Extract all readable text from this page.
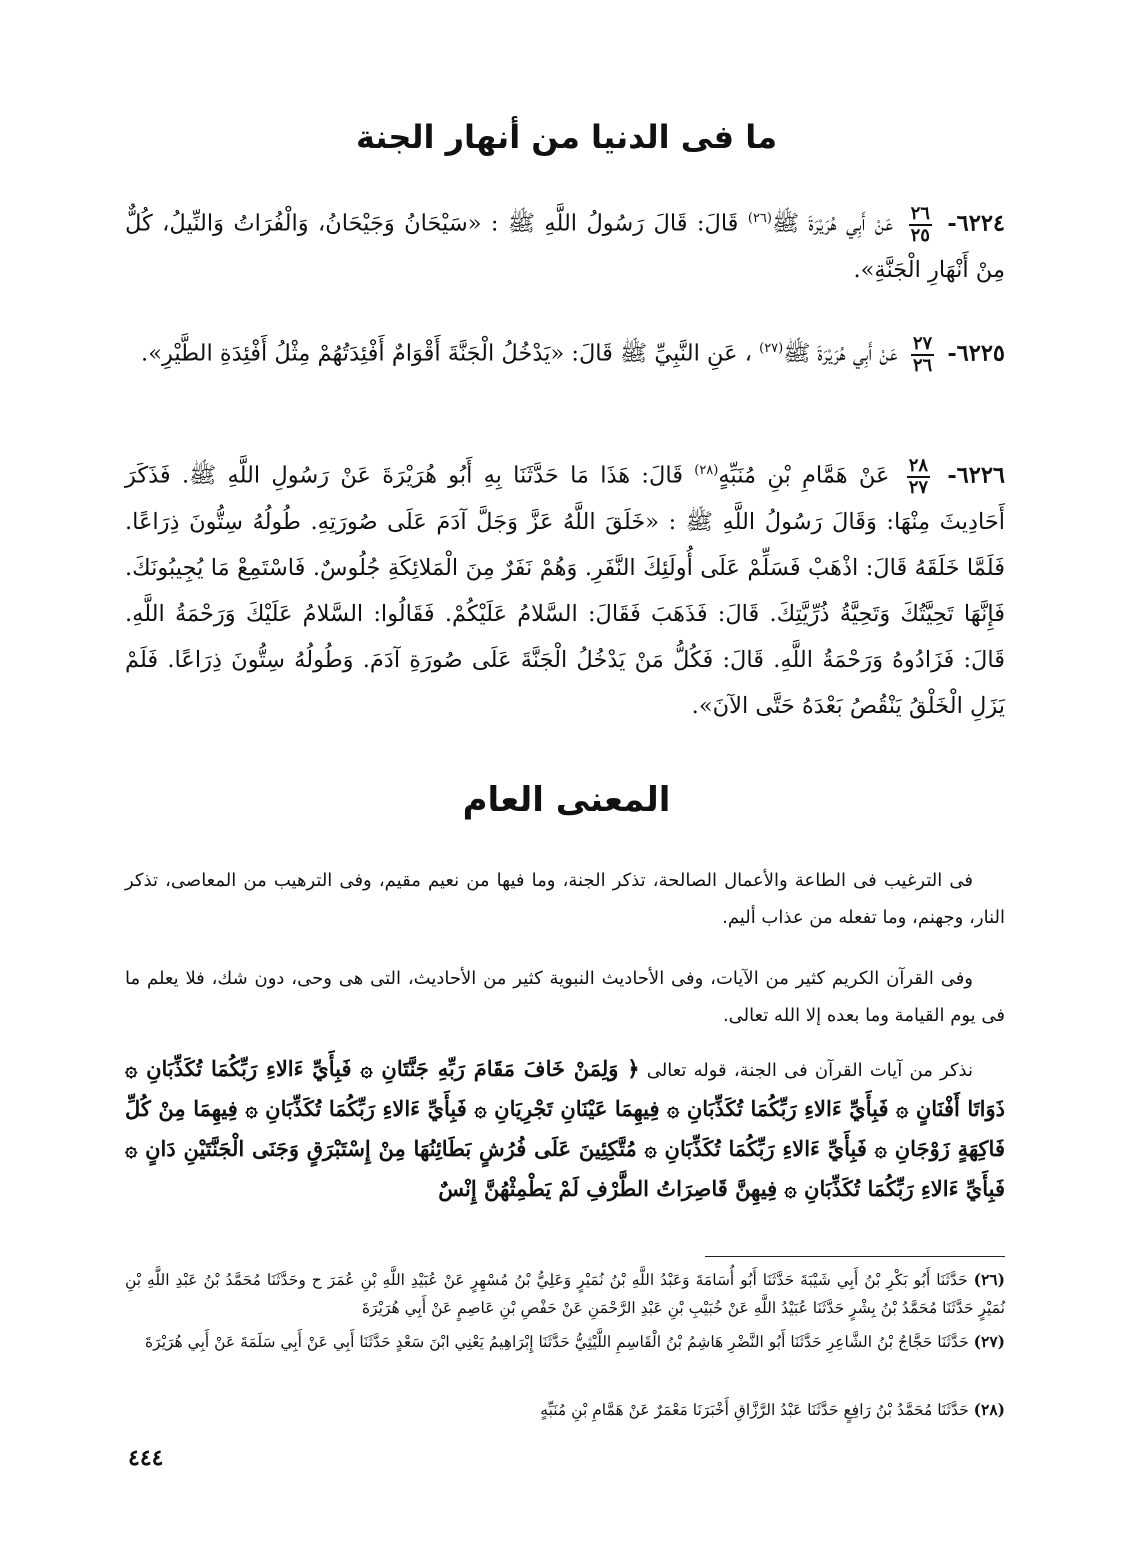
ما فى الدنيا من أنهار الجنة
٦٢٢٤-
$\frac{٢٦}{٢٥}$
عَنْ أَبِي هُرَيْرَةَ ﷺ$^{(٢٦)}$ قَالَ: قَالَ رَسُولُ اللَّهِ ﷺ : «سَيْحَانُ وَجَيْحَانُ، وَالْفُرَاتُ وَالنِّيلُ، كُلٌّ مِنْ أَنْهَارِ الْجَنَّةِ».
٦٢٢٥-
$\frac{٢٧}{٢٦}$
عَنْ أَبِي هُرَيْرَةَ ﷺ$^{(٢٧)}$ ، عَنِ النَّبِيِّ ﷺ قَالَ: «يَدْخُلُ الْجَنَّةَ أَقْوَامٌ أَفْئِدَتُهُمْ مِثْلُ أَفْئِدَةِ الطَّيْرِ».
٦٢٢٦-
$\frac{٢٨}{٢٧}$
عَنْ هَمَّامِ بْنِ مُنَبِّهٍ$^{(٢٨)}$ قَالَ: هَذَا مَا حَدَّثَنَا بِهِ أَبُو هُرَيْرَةَ عَنْ رَسُولِ اللَّهِ ﷺ. فَذَكَرَ أَحَادِيثَ مِنْهَا: وَقَالَ رَسُولُ اللَّهِ ﷺ : «خَلَقَ اللَّهُ عَزَّ وَجَلَّ آدَمَ عَلَى صُورَتِهِ. طُولُهُ سِتُّونَ ذِرَاعًا. فَلَمَّا خَلَقَهُ قَالَ: اذْهَبْ فَسَلِّمْ عَلَى أُولَئِكَ النَّفَرِ. وَهُمْ نَفَرٌ مِنَ الْمَلائِكَةِ جُلُوسٌ. فَاسْتَمِعْ مَا يُجِيبُونَكَ. فَإِنَّهَا تَحِيَّتُكَ وَتَحِيَّةُ ذُرِّيَّتِكَ. قَالَ: فَذَهَبَ فَقَالَ: السَّلامُ عَلَيْكُمْ. فَقَالُوا: السَّلامُ عَلَيْكَ وَرَحْمَةُ اللَّهِ. قَالَ: فَزَادُوهُ وَرَحْمَةُ اللَّهِ. قَالَ: فَكُلُّ مَنْ يَدْخُلُ الْجَنَّةَ عَلَى صُورَةِ آدَمَ. وَطُولُهُ سِتُّونَ ذِرَاعًا. فَلَمْ يَزَلِ الْخَلْقُ يَنْقُصُ بَعْدَهُ حَتَّى الآنَ».
المعنى العام
فى الترغيب فى الطاعة والأعمال الصالحة، تذكر الجنة، وما فيها من نعيم مقيم، وفى الترهيب من المعاصى، تذكر النار، وجهنم، وما تفعله من عذاب أليم.
وفى القرآن الكريم كثير من الآيات، وفى الأحاديث النبوية كثير من الأحاديث، التى هى وحى، دون شك، فلا يعلم ما فى يوم القيامة وما بعده إلا الله تعالى.
نذكر من آيات القرآن فى الجنة، قوله تعالى ﴿ وَلِمَنْ خَافَ مَقَامَ رَبِّهِ جَنَّتَانِ ۞ فَبِأَيِّ ءَالاءِ رَبِّكُمَا تُكَذِّبَانِ ۞ ذَوَاتَا أَفْنَانٍ ۞ فَبِأَيِّ ءَالاءِ رَبِّكُمَا تُكَذِّبَانِ ۞ فِيهِمَا عَيْنَانِ تَجْرِيَانِ ۞ فَبِأَيِّ ءَالاءِ رَبِّكُمَا تُكَذِّبَانِ ۞ فِيهِمَا مِنْ كُلِّ فَاكِهَةٍ زَوْجَانِ ۞ فَبِأَيِّ ءَالاءِ رَبِّكُمَا تُكَذِّبَانِ ۞ مُتَّكِئِينَ عَلَى فُرُشٍ بَطَائِنُهَا مِنْ إِسْتَبْرَقٍ وَجَنَى الْجَنَّتَيْنِ دَانٍ ۞ فَبِأَيِّ ءَالاءِ رَبِّكُمَا تُكَذِّبَانِ ۞ فِيهِنَّ قَاصِرَاتُ الطَّرْفِ لَمْ يَطْمِثْهُنَّ إِنْسٌ
(٢٦) حَدَّثَنَا أَبُو بَكْرِ بْنُ أَبِي شَيْبَةَ حَدَّثَنَا أَبُو أُسَامَةَ وَعَبْدُ اللَّهِ بْنُ نُمَيْرٍ وَعَلِيُّ بْنُ مُسْهِرٍ عَنْ عُبَيْدِ اللَّهِ بْنِ عُمَرَ ح وحَدَّثَنَا مُحَمَّدُ بْنُ عَبْدِ اللَّهِ بْنِ نُمَيْرٍ حَدَّثَنَا مُحَمَّدُ بْنُ بِشْرٍ حَدَّثَنَا عُبَيْدُ اللَّهِ عَنْ خُبَيْبِ بْنِ عَبْدِ الرَّحْمَنِ عَنْ حَفْصِ بْنِ عَاصِمٍ عَنْ أَبِي هُرَيْرَةَ
(٢٧) حَدَّثَنَا حَجَّاجُ بْنُ الشَّاعِرِ حَدَّثَنَا أَبُو النَّضْرِ هَاشِمُ بْنُ الْقَاسِمِ اللَّيْثِيُّ حَدَّثَنَا إِبْرَاهِيمُ يَعْنِي ابْنَ سَعْدٍ حَدَّثَنَا أَبِي عَنْ أَبِي سَلَمَةَ عَنْ أَبِي هُرَيْرَةَ
(٢٨) حَدَّثَنَا مُحَمَّدُ بْنُ رَافِعٍ حَدَّثَنَا عَبْدُ الرَّزَّاقِ أَخْبَرَنَا مَعْمَرٌ عَنْ هَمَّامِ بْنِ مُنَبِّهٍ
٤٤٤
